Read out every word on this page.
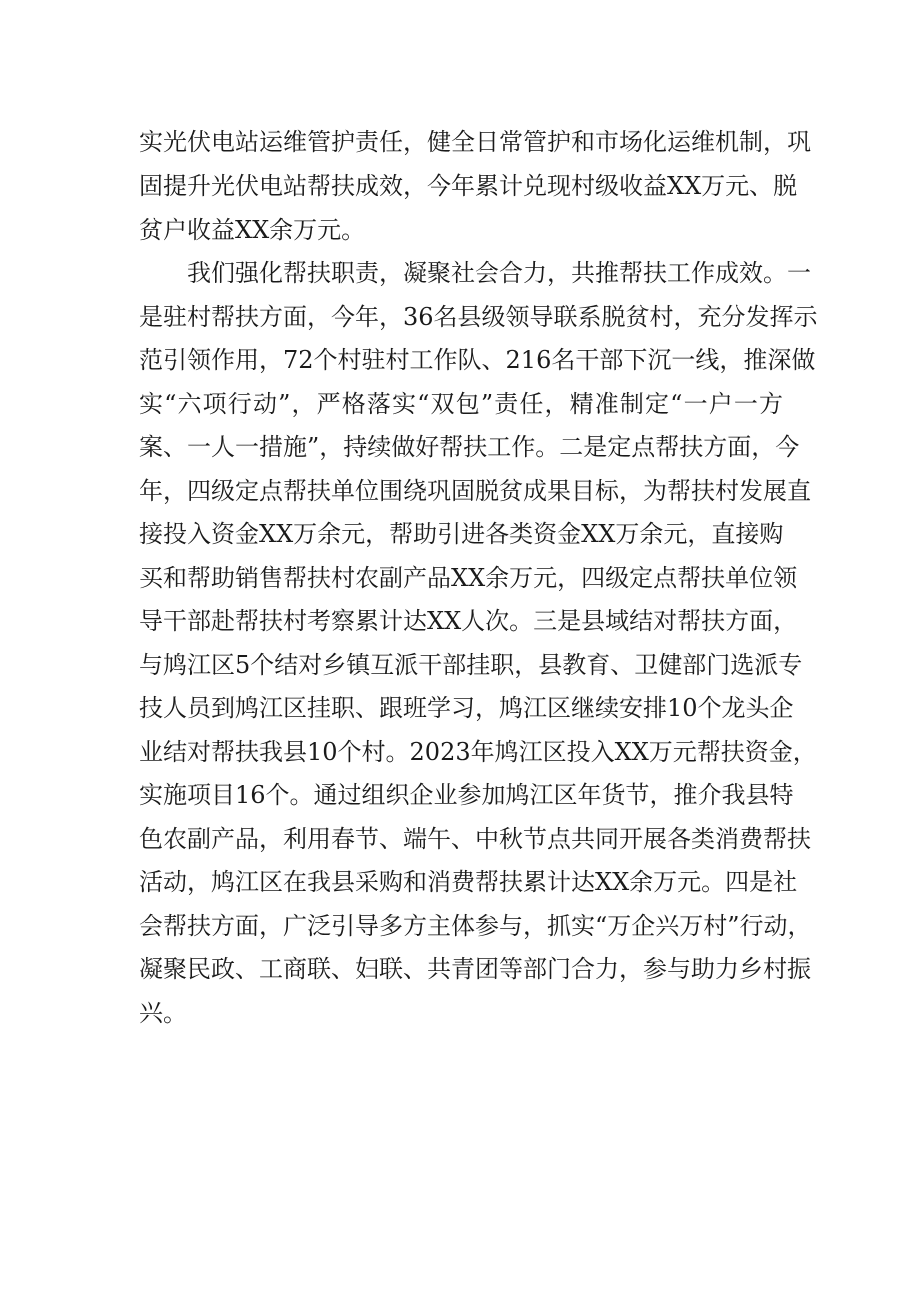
实光伏电站运维管护责任，健全日常管护和市场化运维机制，巩
固提升光伏电站帮扶成效，今年累计兑现村级收益XX万元、脱
贫户收益XX余万元。
我们强化帮扶职责，凝聚社会合力，共推帮扶工作成效。一
是驻村帮扶方面，今年，36名县级领导联系脱贫村，充分发挥示
范引领作用，72个村驻村工作队、216名干部下沉一线，推深做
实“六项行动”，严格落实“双包”责任，精准制定“一户一方
案、一人一措施”，持续做好帮扶工作。二是定点帮扶方面，今
年，四级定点帮扶单位围绕巩固脱贫成果目标，为帮扶村发展直
接投入资金XX万余元，帮助引进各类资金XX万余元，直接购
买和帮助销售帮扶村农副产品XX余万元，四级定点帮扶单位领
导干部赴帮扶村考察累计达XX人次。三是县域结对帮扶方面，
与鸠江区5个结对乡镇互派干部挂职，县教育、卫健部门选派专
技人员到鸠江区挂职、跟班学习，鸠江区继续安排10个龙头企
业结对帮扶我县10个村。2023年鸠江区投入XX万元帮扶资金，
实施项目16个。通过组织企业参加鸠江区年货节，推介我县特
色农副产品，利用春节、端午、中秋节点共同开展各类消费帮扶
活动，鸠江区在我县采购和消费帮扶累计达XX余万元。四是社
会帮扶方面，广泛引导多方主体参与，抓实“万企兴万村”行动，
凝聚民政、工商联、妇联、共青团等部门合力，参与助力乡村振
兴。
